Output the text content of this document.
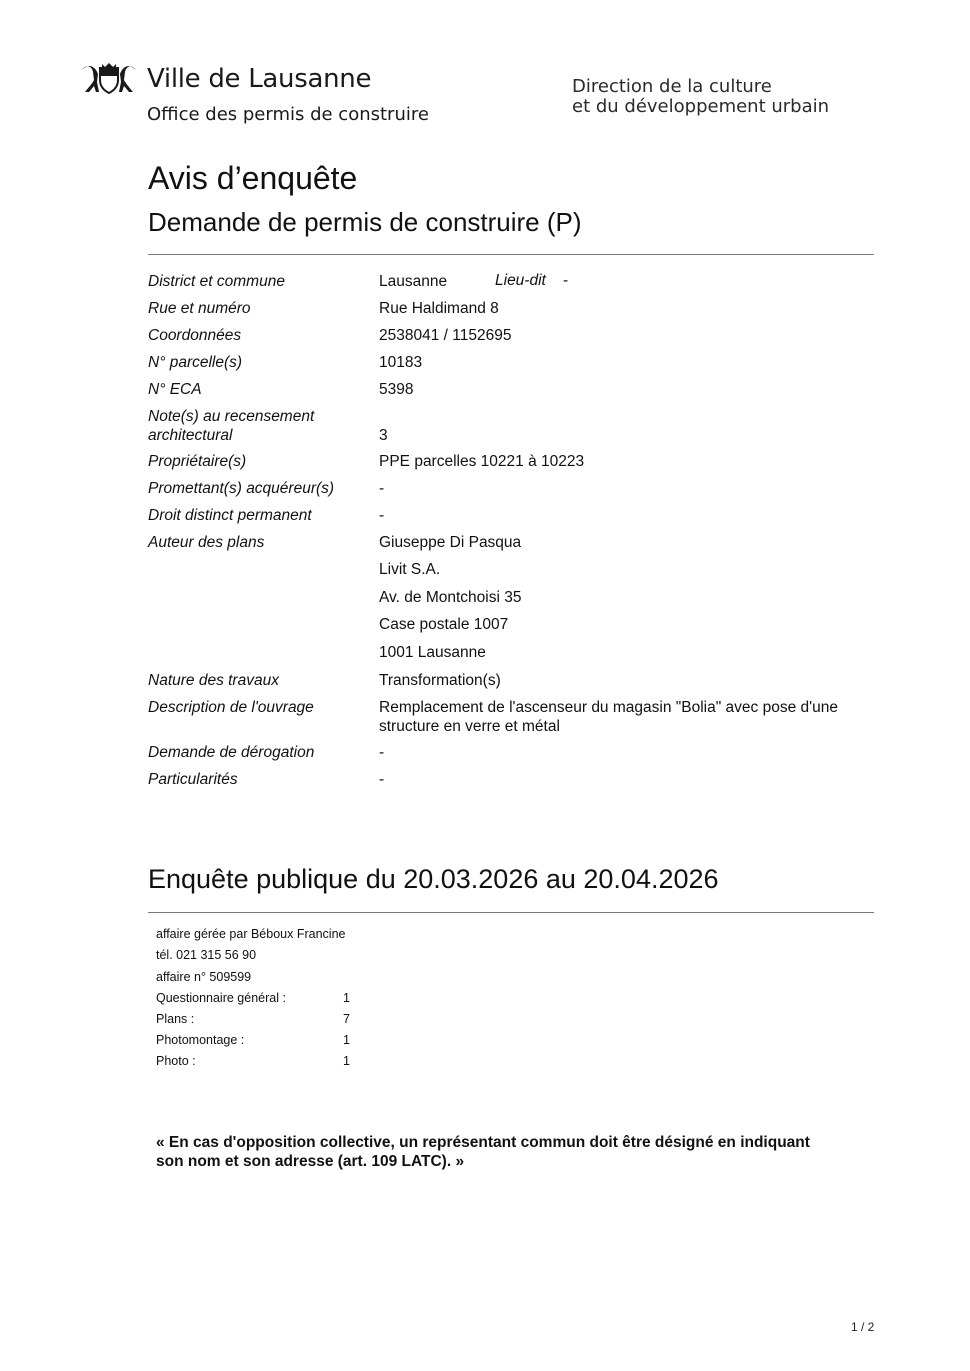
Ville de Lausanne
Office des permis de construire
Direction de la culture
et du développement urbain
Avis d’enquête
Demande de permis de construire (P)
District et commune	Lausanne	Lieu-dit -
Rue et numéro	Rue Haldimand 8
Coordonnées	2538041 / 1152695
N° parcelle(s)	10183
N° ECA	5398
Note(s) au recensement
architectural	3
Propriétaire(s)	PPE parcelles 10221 à 10223
Promettant(s) acquéreur(s)	-
Droit distinct permanent	-
Auteur des plans	Giuseppe Di Pasqua
Livit S.A.
Av. de Montchoisi 35
Case postale 1007
1001 Lausanne
Nature des travaux	Transformation(s)
Description de l'ouvrage	Remplacement de l'ascenseur du magasin "Bolia" avec pose d'une
structure en verre et métal
Demande de dérogation	-
Particularités	-
Enquête publique du 20.03.2026 au 20.04.2026
affaire gérée par Béboux Francine
tél. 021 315 56 90
affaire n° 509599
Questionnaire général :	1
Plans :	7
Photomontage :	1
Photo :	1
« En cas d'opposition collective, un représentant commun doit être désigné en indiquant
son nom et son adresse (art. 109 LATC). »
1 / 2
